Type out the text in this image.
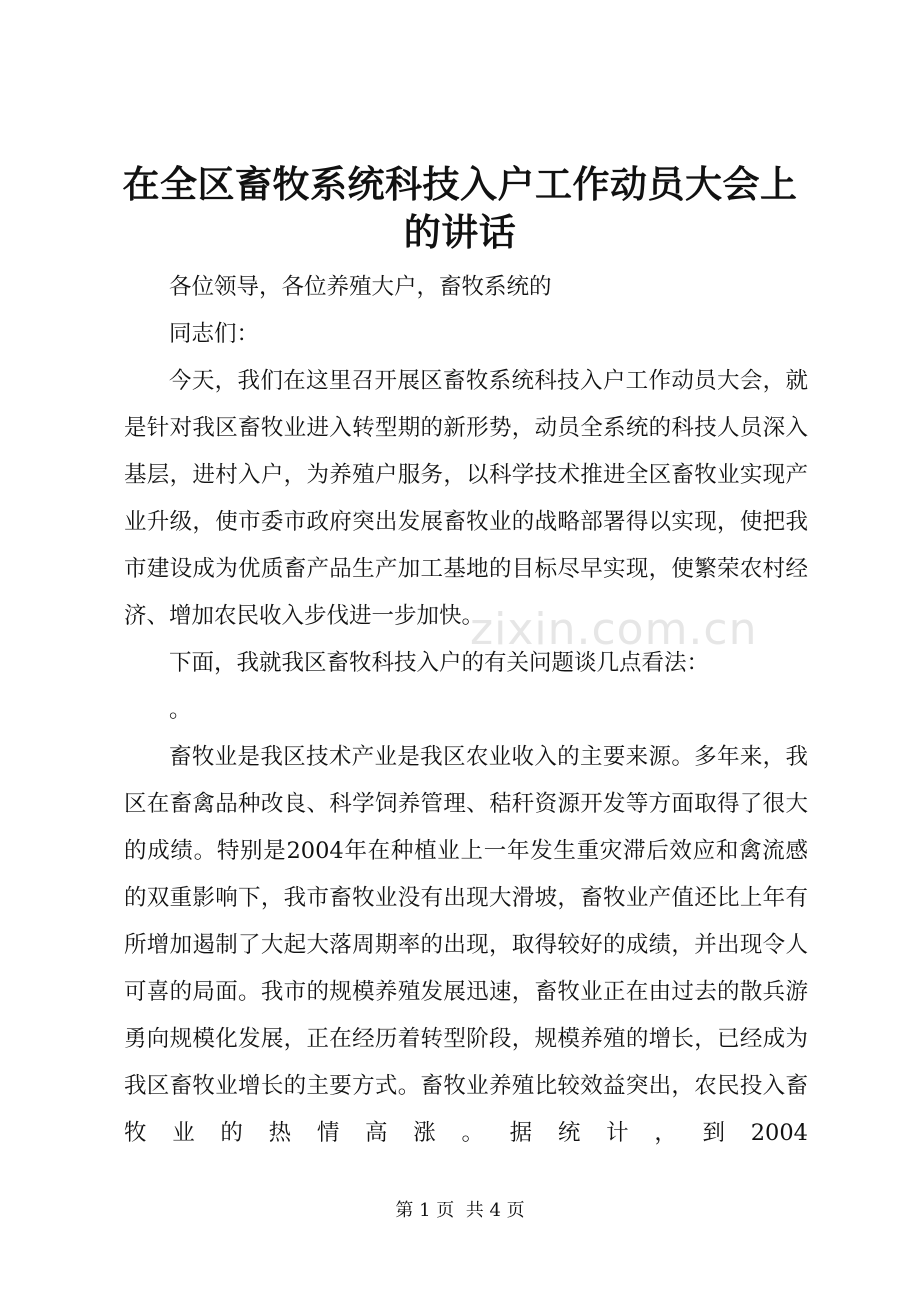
在全区畜牧系统科技入户工作动员大会上的讲话

各位领导，各位养殖大户，畜牧系统的

同志们：

今天，我们在这里召开展区畜牧系统科技入户工作动员大会，就是针对我区畜牧业进入转型期的新形势，动员全系统的科技人员深入基层，进村入户，为养殖户服务，以科学技术推进全区畜牧业实现产业升级，使市委市政府突出发展畜牧业的战略部署得以实现，使把我市建设成为优质畜产品生产加工基地的目标尽早实现，使繁荣农村经济、增加农民收入步伐进一步加快。

下面，我就我区畜牧科技入户的有关问题谈几点看法：

。

畜牧业是我区技术产业是我区农业收入的主要来源。多年来，我区在畜禽品种改良、科学饲养管理、秸秆资源开发等方面取得了很大的成绩。特别是2004年在种植业上一年发生重灾滞后效应和禽流感的双重影响下，我市畜牧业没有出现大滑坡，畜牧业产值还比上年有所增加遏制了大起大落周期率的出现，取得较好的成绩，并出现令人可喜的局面。我市的规模养殖发展迅速，畜牧业正在由过去的散兵游勇向规模化发展，正在经历着转型阶段，规模养殖的增长，已经成为我区畜牧业增长的主要方式。畜牧业养殖比较效益突出，农民投入畜牧业的热情高涨。据统计，到2004

zixin.com.cn
第 1 页 共 4 页
